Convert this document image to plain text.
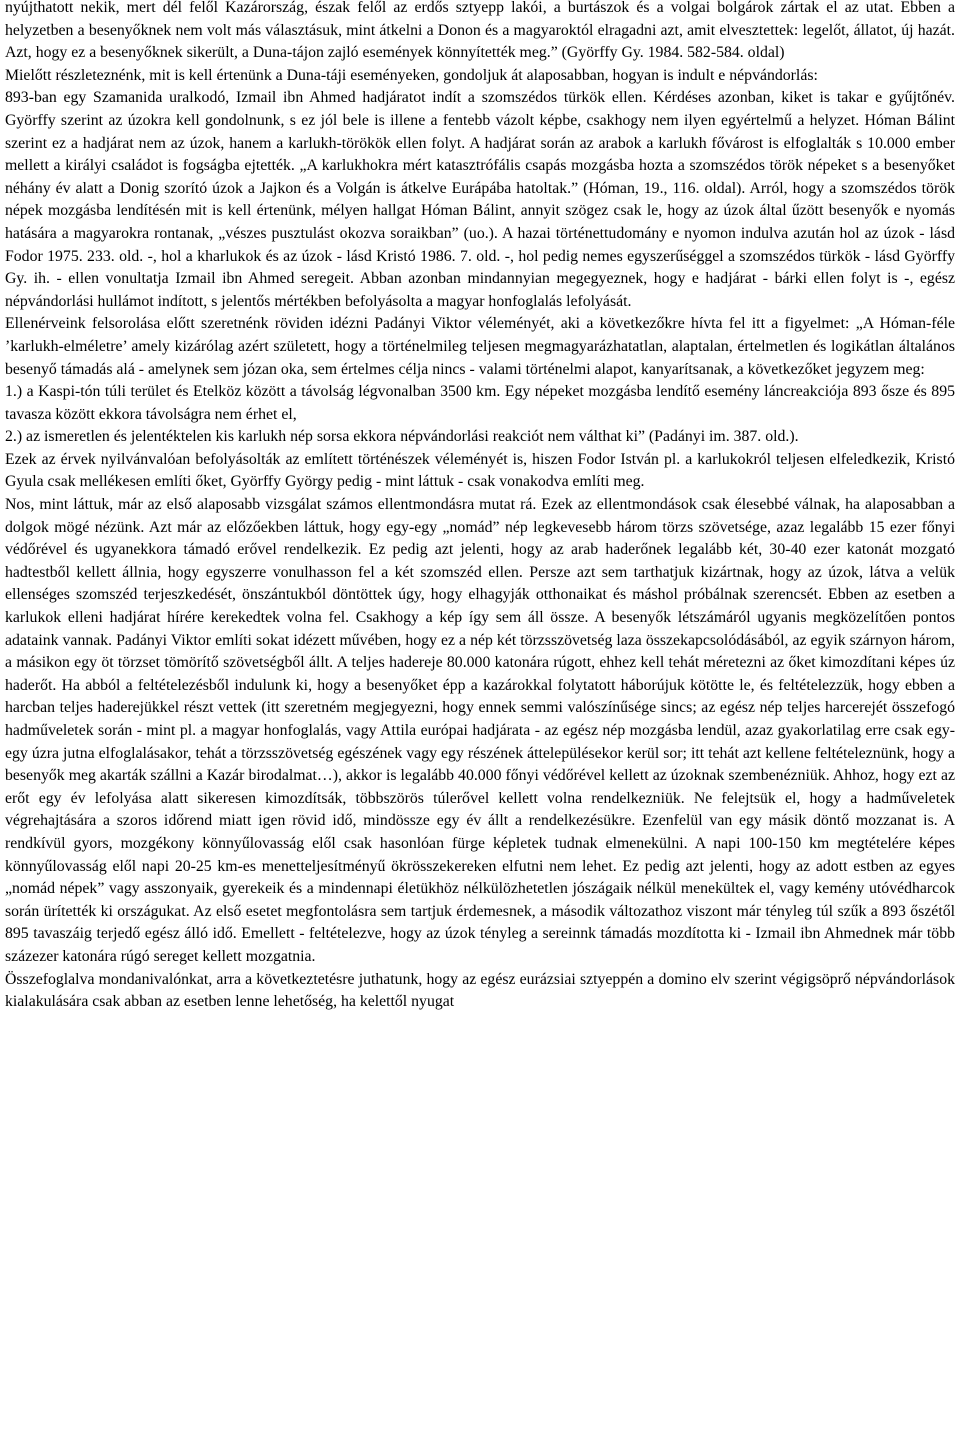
nyújthatott nekik, mert dél felől Kazárország, észak felől az erdős sztyepp lakói, a burtászok és a volgai bolgárok zártak el az utat. Ebben a helyzetben a besenyőknek nem volt más választásuk, mint átkelni a Donon és a magyaroktól elragadni azt, amit elvesztettek: legelőt, állatot, új hazát. Azt, hogy ez a besenyőknek sikerült, a Duna-tájon zajló események könnyítették meg.” (Györffy Gy. 1984. 582-584. oldal)

Mielőtt részleteznénk, mit is kell értenünk a Duna-táji eseményeken, gondoljuk át alaposabban, hogyan is indult e népvándorlás:

893-ban egy Szamanida uralkodó, Izmail ibn Ahmed hadjáratot indít a szomszédos türkök ellen. Kérdéses azonban, kiket is takar e gyűjtőnév. Györffy szerint az úzokra kell gondolnunk, s ez jól bele is illene a fentebb vázolt képbe, csakhogy nem ilyen egyértelmű a helyzet. Hóman Bálint szerint ez a hadjárat nem az úzok, hanem a karlukh-törökök ellen folyt. A hadjárat során az arabok a karlukh fővárost is elfoglalták s 10.000 ember mellett a királyi családot is fogságba ejtették. „A karlukhokra mért katasztrófális csapás mozgásba hozta a szomszédos török népeket s a besenyőket néhány év alatt a Donig szorító úzok a Jajkon és a Volgán is átkelve Eurápába hatoltak.” (Hóman, 19., 116. oldal). Arról, hogy a szomszédos török népek mozgásba lendítésén mit is kell értenünk, mélyen hallgat Hóman Bálint, annyit szögez csak le, hogy az úzok által űzött besenyők e nyomás hatására a magyarokra rontanak, „vészes pusztulást okozva soraikban” (uo.). A hazai történettudomány e nyomon indulva azután hol az úzok - lásd Fodor 1975. 233. old. -, hol a kharlukok és az úzok - lásd Kristó 1986. 7. old. -, hol pedig nemes egyszerűséggel a szomszédos türkök - lásd Györffy Gy. ih. - ellen vonultatja Izmail ibn Ahmed seregeit. Abban azonban mindannyian megegyeznek, hogy e hadjárat - bárki ellen folyt is -, egész népvándorlási hullámot indított, s jelentős mértékben befolyásolta a magyar honfoglalás lefolyását.

Ellenérveink felsorolása előtt szeretnénk röviden idézni Padányi Viktor véleményét, aki a következőkre hívta fel itt a figyelmet: „A Hóman-féle ’karlukh-elméletre’ amely kizárólag azért született, hogy a történelmileg teljesen megmagyarázhatatlan, alaptalan, értelmetlen és logikátlan általános besenyő támadás alá - amelynek sem józan oka, sem értelmes célja nincs - valami történelmi alapot, kanyarítsanak, a következőket jegyzem meg:

1.) a Kaspi-tón túli terület és Etelköz között a távolság légvonalban 3500 km. Egy népeket mozgásba lendítő esemény láncreakciója 893 ősze és 895 tavasza között ekkora távolságra nem érhet el,

2.) az ismeretlen és jelentéktelen kis karlukh nép sorsa ekkora népvándorlási reakciót nem válthat ki” (Padányi im. 387. old.).

Ezek az érvek nyilvánvalóan befolyásolták az említett történészek véleményét is, hiszen Fodor István pl. a karlukokról teljesen elfeledkezik, Kristó Gyula csak mellékesen említi őket, Györffy György pedig - mint láttuk - csak vonakodva említi meg.

Nos, mint láttuk, már az első alaposabb vizsgálat számos ellentmondásra mutat rá. Ezek az ellentmondások csak élesebbé válnak, ha alaposabban a dolgok mögé nézünk. Azt már az előzőekben láttuk, hogy egy-egy „nomád” nép legkevesebb három törzs szövetsége, azaz legalább 15 ezer főnyi védőrével és ugyanekkora támadó erővel rendelkezik. Ez pedig azt jelenti, hogy az arab haderőnek legalább két, 30-40 ezer katonát mozgató hadtestből kellett állnia, hogy egyszerre vonulhasson fel a két szomszéd ellen. Persze azt sem tarthatjuk kizártnak, hogy az úzok, látva a velük ellenséges szomszéd terjeszkedését, önszántukból döntöttek úgy, hogy elhagyják otthonaikat és máshol próbálnak szerencsét. Ebben az esetben a karlukok elleni hadjárat hírére kerekedtek volna fel. Csakhogy a kép így sem áll össze. A besenyők létszámáról ugyanis megközelítően pontos adataink vannak. Padányi Viktor említi sokat idézett művében, hogy ez a nép két törzsszövetség laza összekapcsolódásából, az egyik szárnyon három, a másikon egy öt törzset tömörítő szövetségből állt. A teljes hadereje 80.000 katonára rúgott, ehhez kell tehát méretezni az őket kimozdítani képes úz haderőt. Ha abból a feltételezésből indulunk ki, hogy a besenyőket épp a kazárokkal folytatott háborújuk kötötte le, és feltételezzük, hogy ebben a harcban teljes haderejükkel részt vettek (itt szeretném megjegyezni, hogy ennek semmi valószínűsége sincs; az egész nép teljes harcerejét összefogó hadműveletek során - mint pl. a magyar honfoglalás, vagy Attila európai hadjárata - az egész nép mozgásba lendül, azaz gyakorlatilag erre csak egy-egy úzra jutna elfoglalásakor, tehát a törzsszövetség egészének vagy egy részének áttelepülésekor kerül sor; itt tehát azt kellene feltételeznünk, hogy a besenyők meg akarták szállni a Kazár birodalmat…), akkor is legalább 40.000 főnyi védőrével kellett az úzoknak szembenézniük. Ahhoz, hogy ezt az erőt egy év lefolyása alatt sikeresen kimozdítsák, többszörös túlerővel kellett volna rendelkezniük. Ne felejtsük el, hogy a hadműveletek végrehajtására a szoros időrend miatt igen rövid idő, mindössze egy év állt a rendelkezésükre. Ezenfelül van egy másik döntő mozzanat is. A rendkívül gyors, mozgékony könnyűlovasság elől csak hasonlóan fürge képletek tudnak elmenekülni. A napi 100-150 km megtételére képes könnyűlovasság elől napi 20-25 km-es menetteljesítményű ökrösszekereken elfutni nem lehet. Ez pedig azt jelenti, hogy az adott estben az egyes „nomád népek” vagy asszonyaik, gyerekeik és a mindennapi életükhöz nélkülözhetetlen jószágaik nélkül menekültek el, vagy kemény utóvédharcok során ürítették ki országukat. Az első esetet megfontolásra sem tartjuk érdemesnek, a második változathoz viszont már tényleg túl szűk a 893 őszétől 895 tavaszáig terjedő egész álló idő. Emellett - feltételezve, hogy az úzok tényleg a sereinnk támadás mozdította ki - Izmail ibn Ahmednek már több százezer katonára rúgó sereget kellett mozgatnia.

Összefoglalva mondanivalónkat, arra a következtetésre juthatunk, hogy az egész eurázsiai sztyeppén a domino elv szerint végigsöprő népvándorlások kialakulására csak abban az esetben lenne lehetőség, ha kelettől nyugat
